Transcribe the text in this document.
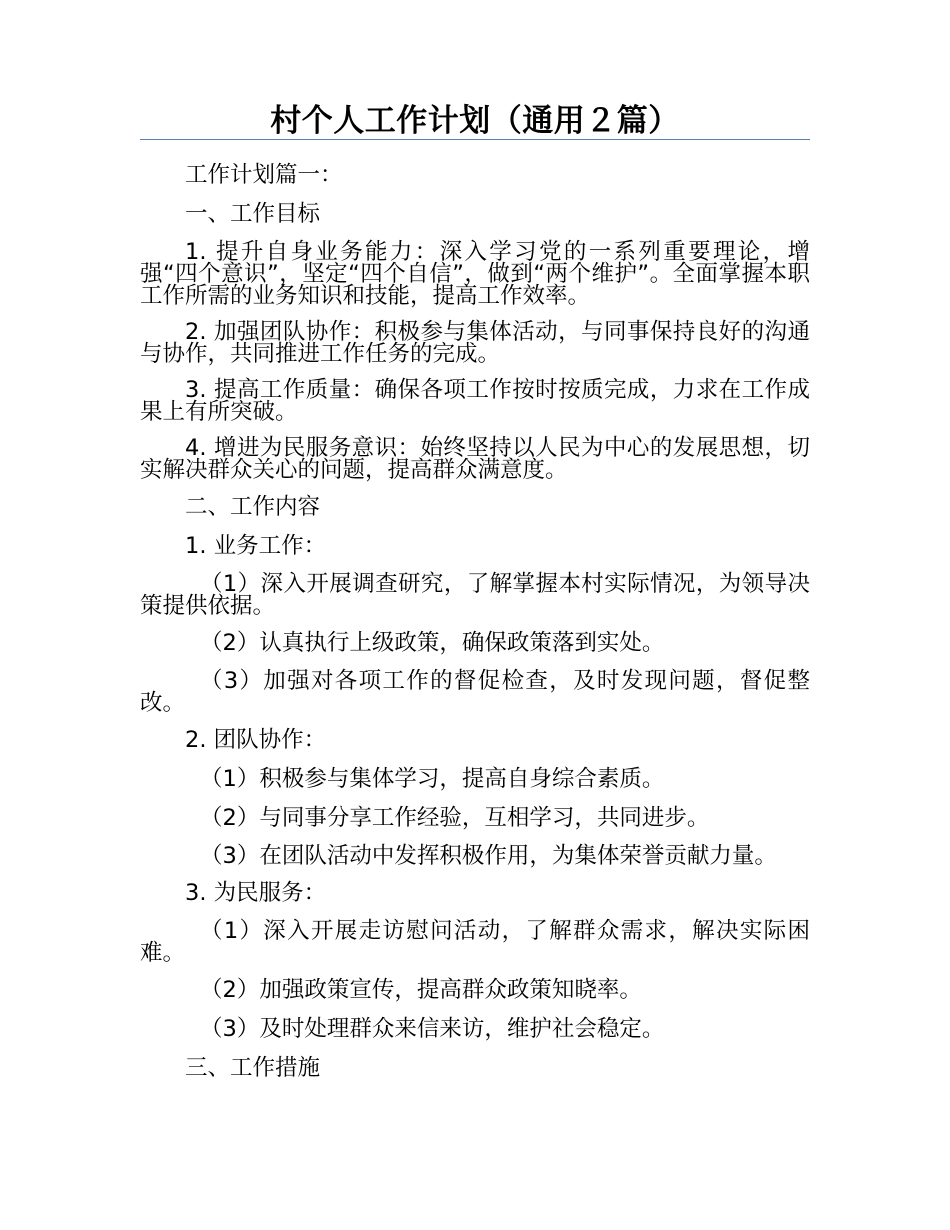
村个人工作计划（通用２篇）

工作计划篇一：

一、工作目标

1. 提升自身业务能力：深入学习党的一系列重要理论，增强“四个意识”，坚定“四个自信”，做到“两个维护”。全面掌握本职工作所需的业务知识和技能，提高工作效率。

2. 加强团队协作：积极参与集体活动，与同事保持良好的沟通与协作，共同推进工作任务的完成。

3. 提高工作质量：确保各项工作按时按质完成，力求在工作成果上有所突破。

4. 增进为民服务意识：始终坚持以人民为中心的发展思想，切实解决群众关心的问题，提高群众满意度。

二、工作内容

1. 业务工作：

（1）深入开展调查研究，了解掌握本村实际情况，为领导决策提供依据。

（2）认真执行上级政策，确保政策落到实处。

（3）加强对各项工作的督促检查，及时发现问题，督促整改。

2. 团队协作：

（1）积极参与集体学习，提高自身综合素质。

（2）与同事分享工作经验，互相学习，共同进步。

（3）在团队活动中发挥积极作用，为集体荣誉贡献力量。

3. 为民服务：

（1）深入开展走访慰问活动，了解群众需求，解决实际困难。

（2）加强政策宣传，提高群众政策知晓率。

（3）及时处理群众来信来访，维护社会稳定。

三、工作措施
